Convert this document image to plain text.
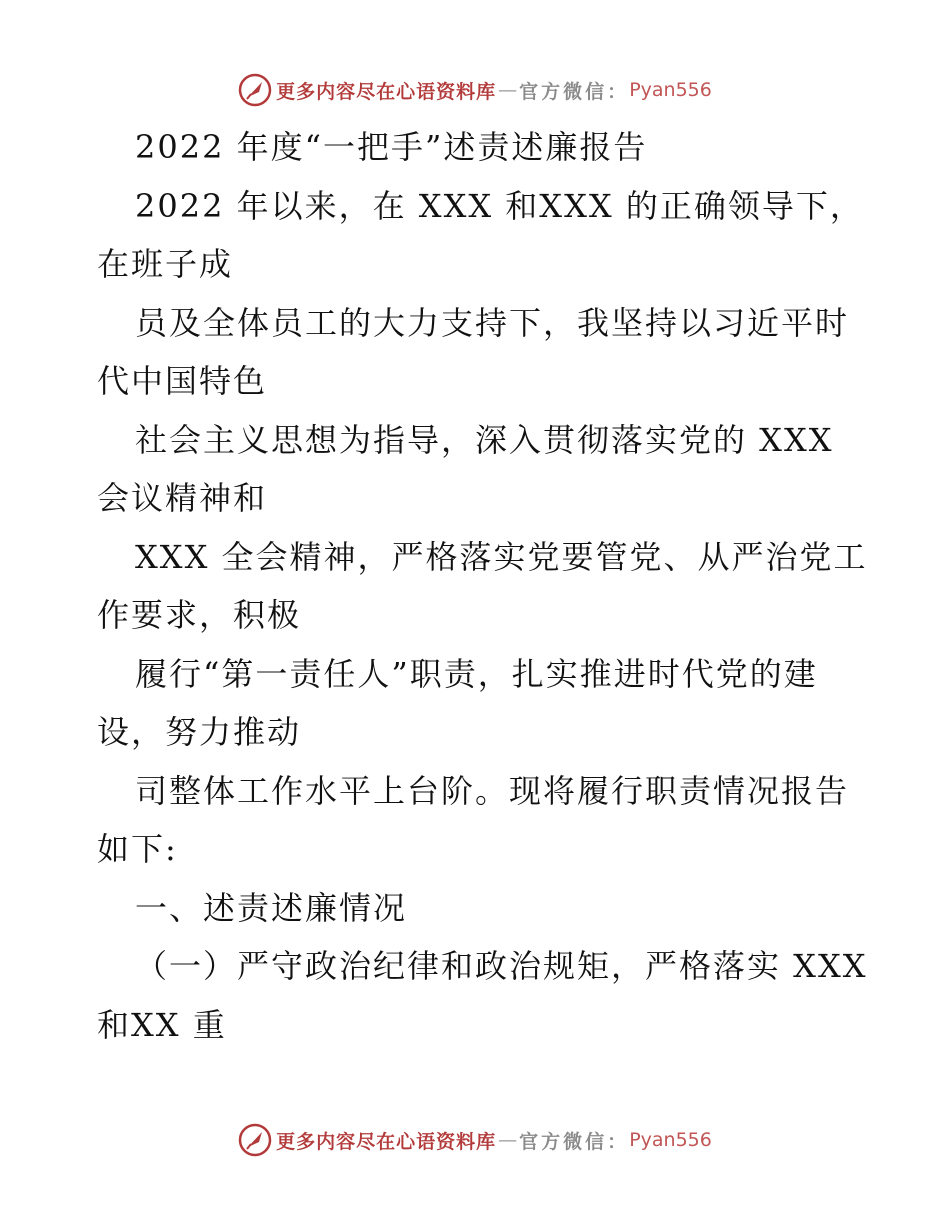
更多内容尽在心语资料库 — 官方微信： Pyan556
2022 年度“一把手”述责述廉报告
2022 年以来，在 XXX 和XXX 的正确领导下，
在班子成
员及全体员工的大力支持下，我坚持以习近平时
代中国特色
社会主义思想为指导，深入贯彻落实党的 XXX
会议精神和
XXX 全会精神，严格落实党要管党、从严治党工
作要求，积极
履行“第一责任人”职责，扎实推进时代党的建
设，努力推动
司整体工作水平上台阶。现将履行职责情况报告
如下:
一、述责述廉情况
（一）严守政治纪律和政治规矩，严格落实 XXX
和XX 重
更多内容尽在心语资料库 — 官方微信： Pyan556
